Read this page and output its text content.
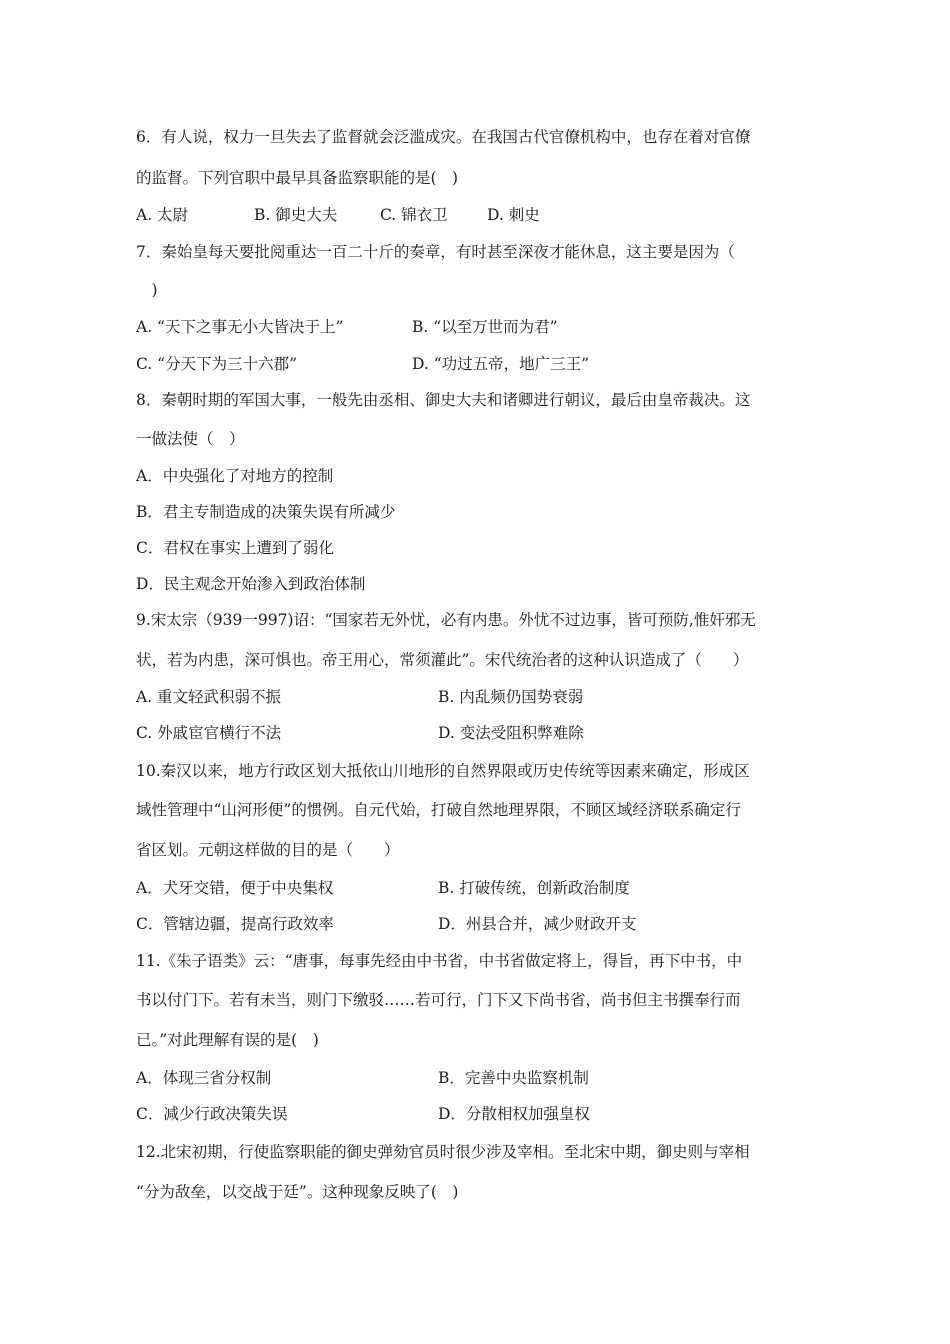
6．有人说，权力一旦失去了监督就会泛滥成灾。在我国古代官僚机构中，也存在着对官僚
的监督。下列官职中最早具备监察职能的是(　)
A. 太尉	B. 御史大夫	C. 锦衣卫	D. 刺史
7．秦始皇每天要批阅重达一百二十斤的奏章，有时甚至深夜才能休息，这主要是因为（
　)
A. “天下之事无小大皆决于上”	B. “以至万世而为君”
C. “分天下为三十六郡”	D. “功过五帝，地广三王”
8．秦朝时期的军国大事，一般先由丞相、御史大夫和诸卿进行朝议，最后由皇帝裁决。这
一做法使（　）
A．中央强化了对地方的控制
B．君主专制造成的决策失误有所减少
C．君权在事实上遭到了弱化
D．民主观念开始渗入到政治体制
9.宋太宗（939一997)诏：“国家若无外忧，必有内患。外忧不过边事，皆可预防,惟奸邪无
状，若为内患，深可惧也。帝王用心，常须灌此”。宋代统治者的这种认识造成了（　　）
A. 重文轻武积弱不振	B. 内乱频仍国势衰弱
C. 外戚宦官横行不法	D. 变法受阻积弊难除
10.秦汉以来，地方行政区划大抵依山川地形的自然界限或历史传统等因素来确定，形成区
域性管理中“山河形便”的惯例。自元代始，打破自然地理界限，不顾区域经济联系确定行
省区划。元朝这样做的目的是（　　）
A．犬牙交错，便于中央集权	B. 打破传统，创新政治制度
C．管辖边疆，提高行政效率	D．州县合并，减少财政开支
11.《朱子语类》云：“唐事，每事先经由中书省，中书省做定将上，得旨，再下中书，中
书以付门下。若有未当，则门下缴驳……若可行，门下又下尚书省，尚书但主书撰奉行而
已。”对此理解有误的是(　)
A．体现三省分权制	B．完善中央监察机制
C．减少行政决策失误	D．分散相权加强皇权
12.北宋初期，行使监察职能的御史弹劾官员时很少涉及宰相。至北宋中期，御史则与宰相
“分为敌垒，以交战于廷”。这种现象反映了(　)
